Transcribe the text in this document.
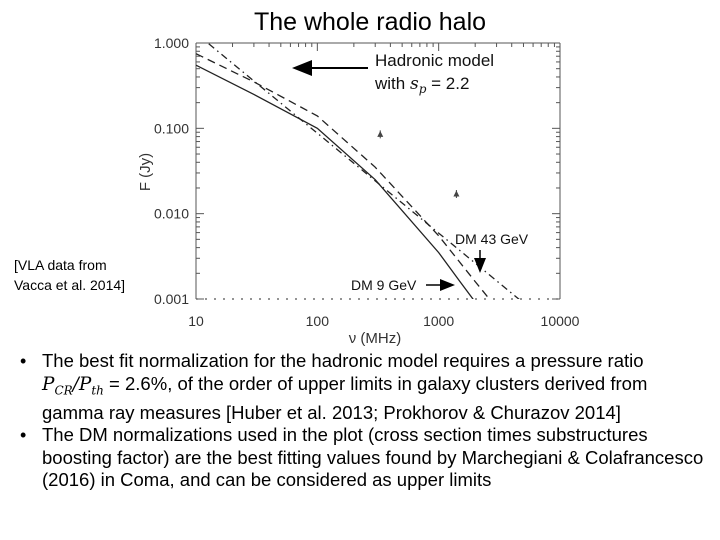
The whole radio halo
10	100	1000	10000
1.000
0.100
0.010
0.001
F (Jy)
ν (MHz)
Hadronic model
with $s_p = 2.2$
DM 43 GeV
DM 9 GeV
[VLA data from
Vacca et al. 2014]
• The best fit normalization for the hadronic model requires a pressure ratio $P_{CR}/P_{th} = 2.6\%$, of the order of upper limits in galaxy clusters derived from gamma ray measures [Huber et al. 2013; Prokhorov & Churazov 2014]
• The DM normalizations used in the plot (cross section times substructures boosting factor) are the best fitting values found by Marchegiani & Colafrancesco (2016) in Coma, and can be considered as upper limits
